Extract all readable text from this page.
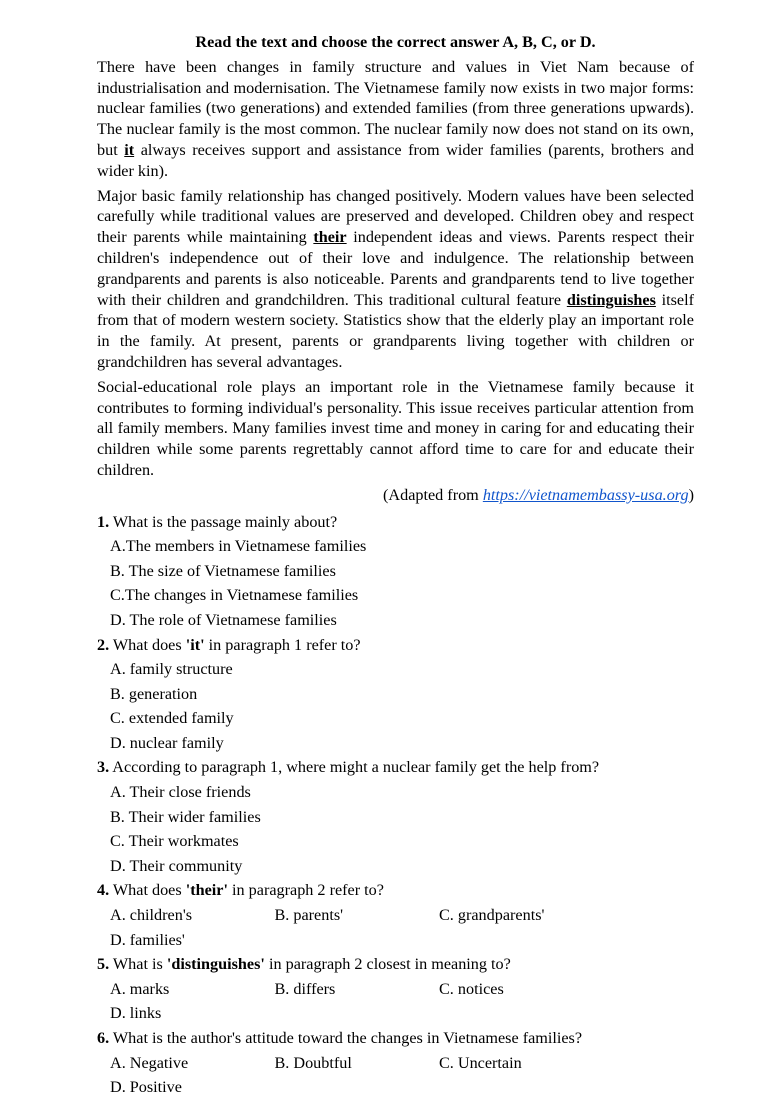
Read the text and choose the correct answer A, B, C, or D.

There have been changes in family structure and values in Viet Nam because of industrialisation and modernisation. The Vietnamese family now exists in two major forms: nuclear families (two generations) and extended families (from three generations upwards). The nuclear family is the most common. The nuclear family now does not stand on its own, but it always receives support and assistance from wider families (parents, brothers and wider kin).

Major basic family relationship has changed positively. Modern values have been selected carefully while traditional values are preserved and developed. Children obey and respect their parents while maintaining their independent ideas and views. Parents respect their children's independence out of their love and indulgence. The relationship between grandparents and parents is also noticeable. Parents and grandparents tend to live together with their children and grandchildren. This traditional cultural feature distinguishes itself from that of modern western society. Statistics show that the elderly play an important role in the family. At present, parents or grandparents living together with children or grandchildren has several advantages.

Social-educational role plays an important role in the Vietnamese family because it contributes to forming individual's personality. This issue receives particular attention from all family members. Many families invest time and money in caring for and educating their children while some parents regrettably cannot afford time to care for and educate their children.

(Adapted from https://vietnamembassy-usa.org)

1. What is the passage mainly about?

A.The members in Vietnamese families
B. The size of Vietnamese families
C.The changes in Vietnamese families
D. The role of Vietnamese families

2. What does 'it' in paragraph 1 refer to?

A. family structure
B. generation
C. extended family
D. nuclear family

3. According to paragraph 1, where might a nuclear family get the help from?

A. Their close friends
B. Their wider families
C. Their workmates
D. Their community

4. What does 'their' in paragraph 2 refer to?

A. children's	B. parents'	C. grandparents'
D. families'

5. What is 'distinguishes' in paragraph 2 closest in meaning to?

A. marks	B. differs	C. notices
D. links

6. What is the author's attitude toward the changes in Vietnamese families?

A. Negative	B. Doubtful	C. Uncertain
D. Positive
